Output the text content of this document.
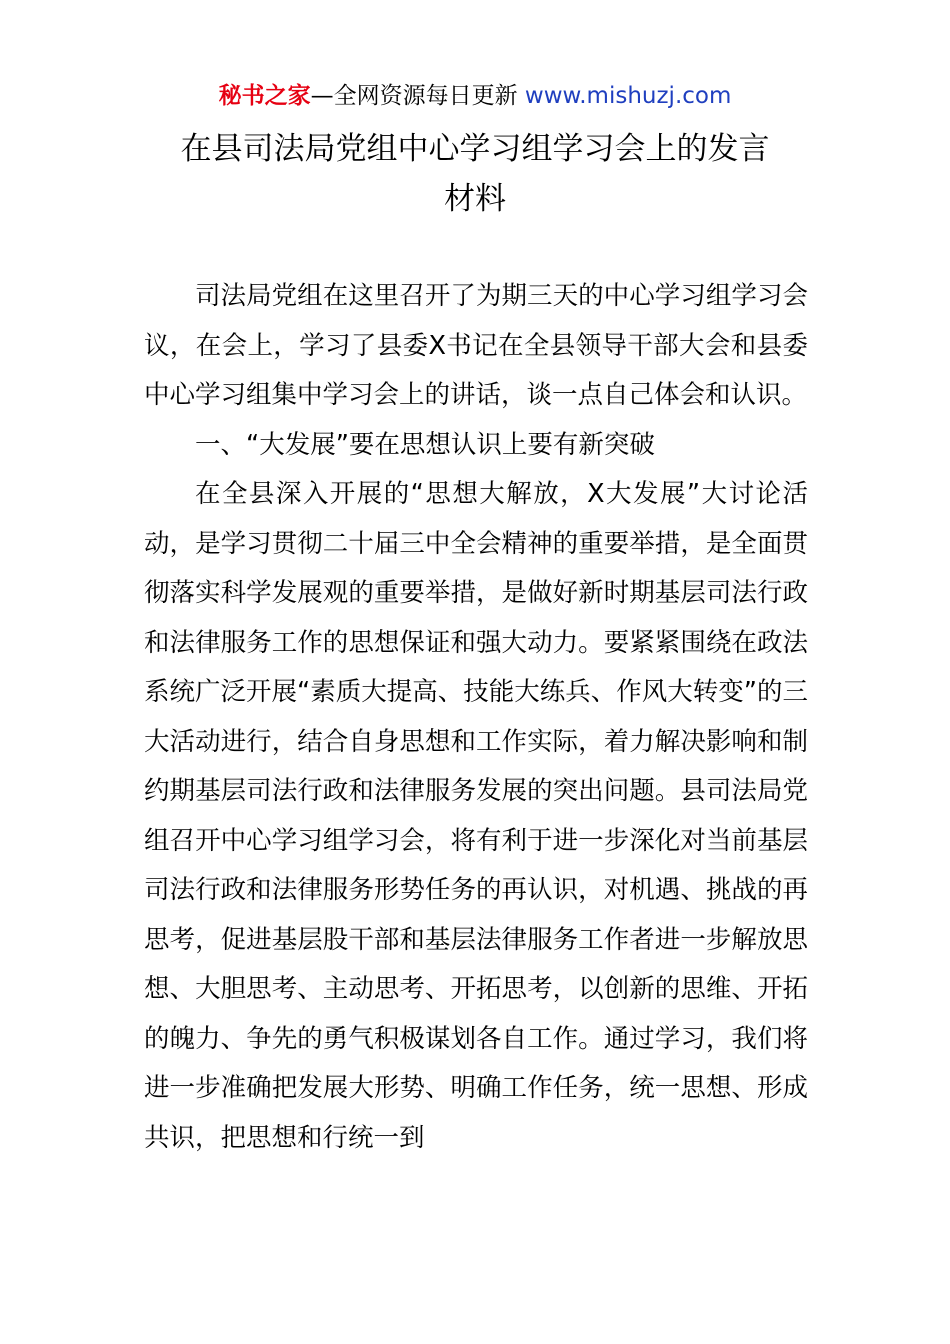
秘书之家—全网资源每日更新 www.mishuzj.com
在县司法局党组中心学习组学习会上的发言
材料

司法局党组在这里召开了为期三天的中心学习组学习会议，在会上，学习了县委X书记在全县领导干部大会和县委中心学习组集中学习会上的讲话，谈一点自己体会和认识。

一、“大发展”要在思想认识上要有新突破

在全县深入开展的“思想大解放，X大发展”大讨论活动，是学习贯彻二十届三中全会精神的重要举措，是全面贯彻落实科学发展观的重要举措，是做好新时期基层司法行政和法律服务工作的思想保证和强大动力。要紧紧围绕在政法系统广泛开展“素质大提高、技能大练兵、作风大转变”的三大活动进行，结合自身思想和工作实际，着力解决影响和制约期基层司法行政和法律服务发展的突出问题。县司法局党组召开中心学习组学习会，将有利于进一步深化对当前基层司法行政和法律服务形势任务的再认识，对机遇、挑战的再思考，促进基层股干部和基层法律服务工作者进一步解放思想、大胆思考、主动思考、开拓思考，以创新的思维、开拓的魄力、争先的勇气积极谋划各自工作。通过学习，我们将进一步准确把发展大形势、明确工作任务，统一思想、形成共识，把思想和行统一到
